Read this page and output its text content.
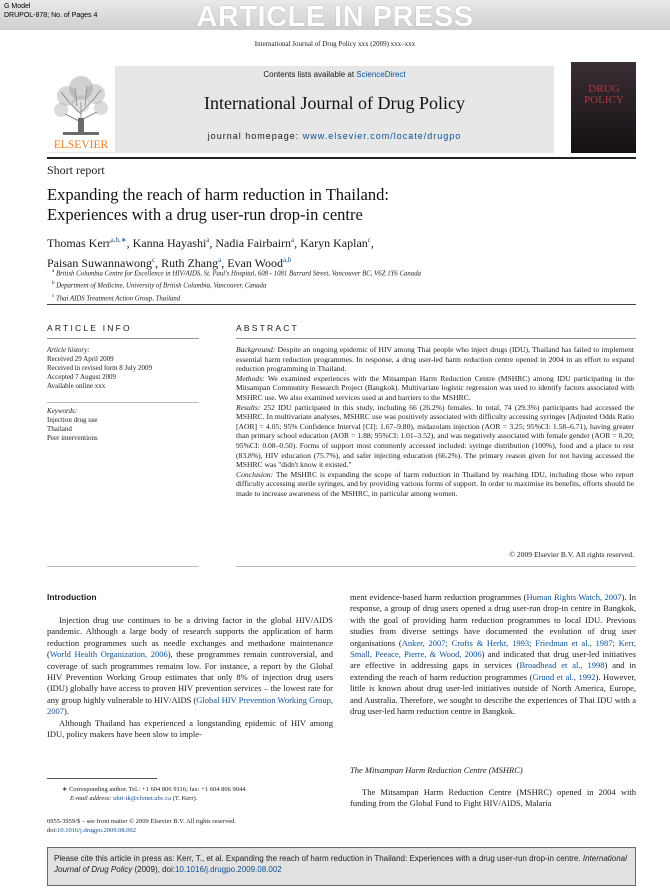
G Model
DRUPOL-878; No. of Pages 4	ARTICLE IN PRESS
International Journal of Drug Policy xxx (2009) xxx–xxx
ELSEVIER
Contents lists available at ScienceDirect
International Journal of Drug Policy
journal homepage: www.elsevier.com/locate/drugpo
DRUG
POLICY
Short report
Expanding the reach of harm reduction in Thailand:
Experiences with a drug user-run drop-in centre
Thomas Kerr$^{a,b,∗}$, Kanna Hayashi$^a$, Nadia Fairbairn$^a$, Karyn Kaplan$^c$,
Paisan Suwannawong$^c$, Ruth Zhang$^a$, Evan Wood$^{a,b}$
$^a$ British Columbia Centre for Excellence in HIV/AIDS, St. Paul's Hospital, 608 - 1081 Burrard Street, Vancouver BC, V6Z 1Y6 Canada
$^b$ Department of Medicine, University of British Columbia, Vancouver, Canada
$^c$ Thai AIDS Treatment Action Group, Thailand
ARTICLE INFO
Article history:
Received 29 April 2009
Received in revised form 8 July 2009
Accepted 7 August 2009
Available online xxx
Keywords:
Injection drug use
Thailand
Peer interventions
ABSTRACT

Background: Despite an ongoing epidemic of HIV among Thai people who inject drugs (IDU), Thailand has failed to implement essential harm reduction programmes. In response, a drug user-led harm reduction centre opened in 2004 in an effort to expand reduction programming in Thailand.

Methods: We examined experiences with the Mitsampan Harm Reduction Centre (MSHRC) among IDU participating in the Mitsampan Community Research Project (Bangkok). Multivariate logistic regression was used to identify factors associated with MSHRC use. We also examined services used at and barriers to the MSHRC.

Results: 252 IDU participated in this study, including 66 (26.2%) females. In total, 74 (29.3%) participants had accessed the MSHRC. In multivariate analyses, MSHRC use was positively associated with difficulty accessing syringes [Adjusted Odds Ratio [AOR] = 4.05; 95% Confidence Interval [CI]: 1.67–9.80), midazolam injection (AOR = 3.25; 95%CI: 1.58–6.71), having greater than primary school education (AOR = 1.88; 95%CI: 1.01–3.52), and was negatively associated with female gender (AOR = 0.20; 95%CI: 0.08–0.50). Forms of support most commonly accessed included: syringe distribution (100%), food and a place to rest (83.8%), HIV education (75.7%), and safer injecting education (66.2%). The primary reason given for not having accessed the MSHRC was "didn't know it existed."

Conclusion: The MSHRC is expanding the scope of harm reduction in Thailand by reaching IDU, including those who report difficulty accessing sterile syringes, and by providing various forms of support. In order to maximise its benefits, efforts should be made to increase awareness of the MSHRC, in particular among women.

© 2009 Elsevier B.V. All rights reserved.
Introduction

Injection drug use continues to be a driving factor in the global HIV/AIDS pandemic. Although a large body of research supports the application of harm reduction programmes such as needle exchanges and methadone maintenance (World Health Organization, 2006), these programmes remain controversial, and coverage of such programmes remains low. For instance, a report by the Global HIV Prevention Working Group estimates that only 8% of injection drug users (IDU) globally have access to proven HIV prevention services – the lowest rate for any group highly vulnerable to HIV/AIDS (Global HIV Prevention Working Group, 2007).

Although Thailand has experienced a longstanding epidemic of HIV among IDU, policy makers have been slow to imple-

ment evidence-based harm reduction programmes (Human Rights Watch, 2007). In response, a group of drug users opened a drug user-run drop-in centre in Bangkok, with the goal of providing harm reduction programmes to local IDU. Previous studies from diverse settings have documented the evolution of drug user organisations (Anker, 2007; Crofts & Herkt, 1993; Friedman et al., 1987; Kerr, Small, Peeace, Pierre, & Wood, 2006) and indicated that drug user-led initiatives are effective in addressing gaps in services (Broadhead et al., 1998) and in extending the reach of harm reduction programmes (Grund et al., 1992). However, little is known about drug user-led initiatives outside of North America, Europe, and Australia. Therefore, we sought to describe the experiences of Thai IDU with a drug user-led harm reduction centre in Bangkok.

The Mitsampan Harm Reduction Centre (MSHRC)

The Mitsampan Harm Reduction Centre (MSHRC) opened in 2004 with funding from the Global Fund to Fight HIV/AIDS, Malaria

∗ Corresponding author. Tel.: +1 604 806 9116; fax: +1 604 806 9044.
E-mail address: uhri-tk@cfenet.ubc.ca (T. Kerr).
0955-3959/$ – see front matter © 2009 Elsevier B.V. All rights reserved.
doi:10.1016/j.drugpo.2009.08.002
Please cite this article in press as: Kerr, T., et al. Expanding the reach of harm reduction in Thailand: Experiences with a drug user-run drop-in centre. International Journal of Drug Policy (2009), doi:10.1016/j.drugpo.2009.08.002
